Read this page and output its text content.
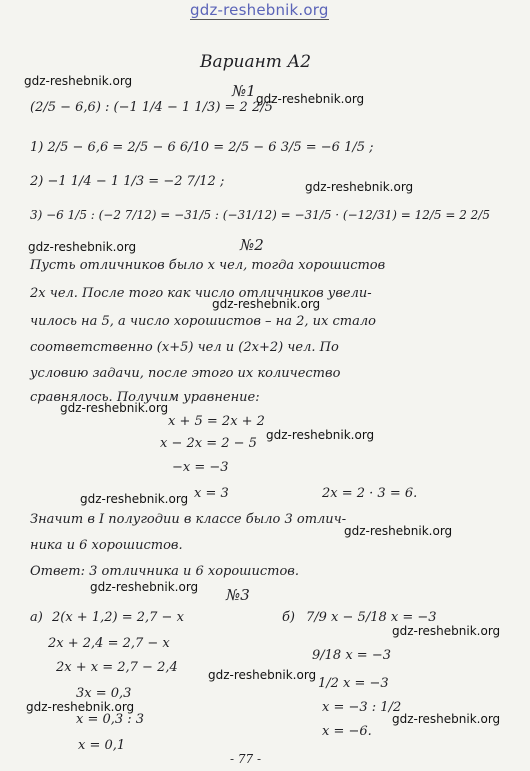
gdz-reshebnik.org
Вариант А2
№1
(2/5 − 6,6) : (−1 1/4 − 1 1/3) = 2 2/5
1) 2/5 − 6,6 = 2/5 − 6 6/10 = 2/5 − 6 3/5 = −6 1/5 ;
2) −1 1/4 − 1 1/3 = −2 7/12 ;
3) −6 1/5 : (−2 7/12) = −31/5 : (−31/12) = −31/5 · (−12/31) = 12/5 = 2 2/5
№2
Пусть отличников было х чел, тогда хорошистов
2х чел. После того как число отличников увели-
чилось на 5, а число хорошистов – на 2, их стало
соответственно (х+5) чел и (2х+2) чел. По
условию задачи, после этого их количество
сравнялось. Получим уравнение:
х + 5 = 2х + 2
х − 2х = 2 − 5
−х = −3
х = 3	2х = 2 · 3 = 6.
Значит в I полугодии в классе было 3 отлич-
ника и 6 хорошистов.
Ответ: 3 отличника и 6 хорошистов.
№3
а) 2(х + 1,2) = 2,7 − х
2х + 2,4 = 2,7 − х
2х + х = 2,7 − 2,4
3х = 0,3
х = 0,3 : 3
х = 0,1
б) 7/9 х − 5/18 х = −3
9/18 х = −3
1/2 х = −3
х = −3 : 1/2
х = −6.
- 77 -
gdz-reshebnik.org
gdz-reshebnik.org
gdz-reshebnik.org
gdz-reshebnik.org
gdz-reshebnik.org
gdz-reshebnik.org
gdz-reshebnik.org
gdz-reshebnik.org
gdz-reshebnik.org
gdz-reshebnik.org
gdz-reshebnik.org
gdz-reshebnik.org
gdz-reshebnik.org
gdz-reshebnik.org
